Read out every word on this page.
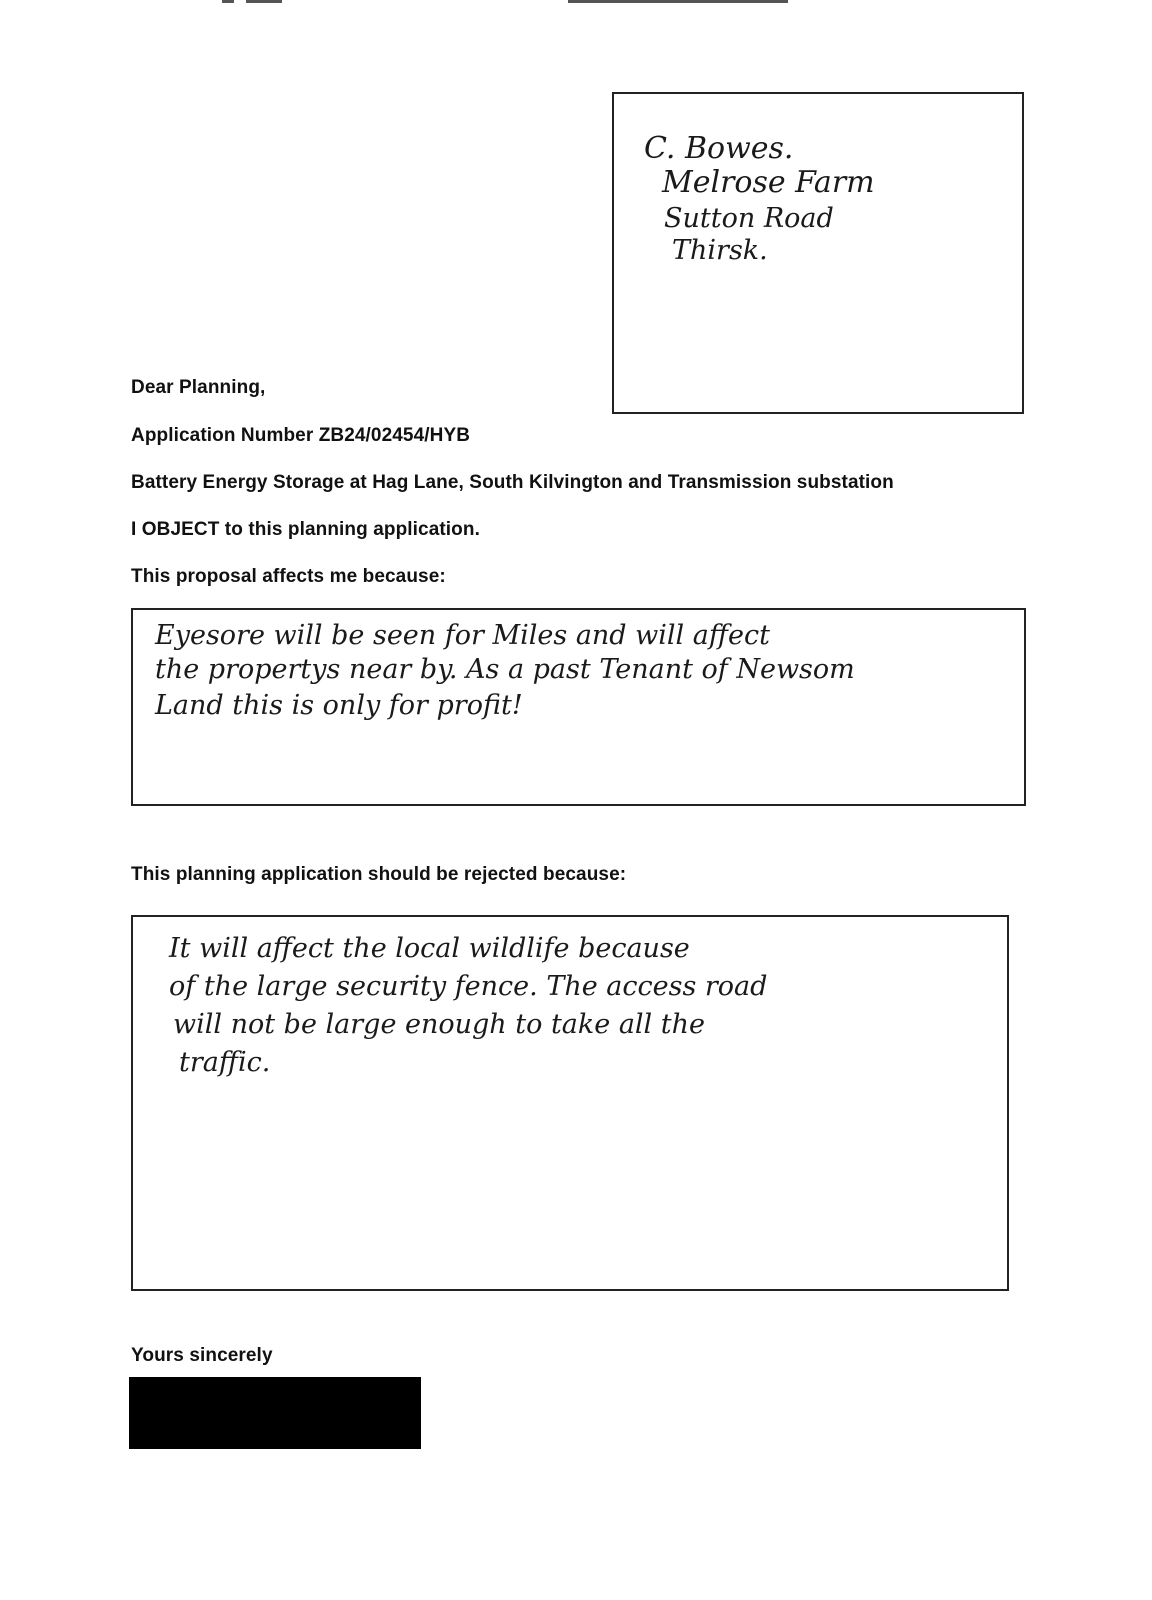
C. Bowes.
Melrose Farm
Sutton Road
Thirsk.
Dear Planning,
Application Number ZB24/02454/HYB
Battery Energy Storage at Hag Lane, South Kilvington and Transmission substation
I OBJECT to this planning application.
This proposal affects me because:
Eyesore will be seen for Miles and will affect
the propertys near by. As a past Tenant of Newsom
Land this is only for profit!
This planning application should be rejected because:
It will affect the local wildlife because
of the large security fence. The access road
will not be large enough to take all the
traffic.
Yours sincerely
